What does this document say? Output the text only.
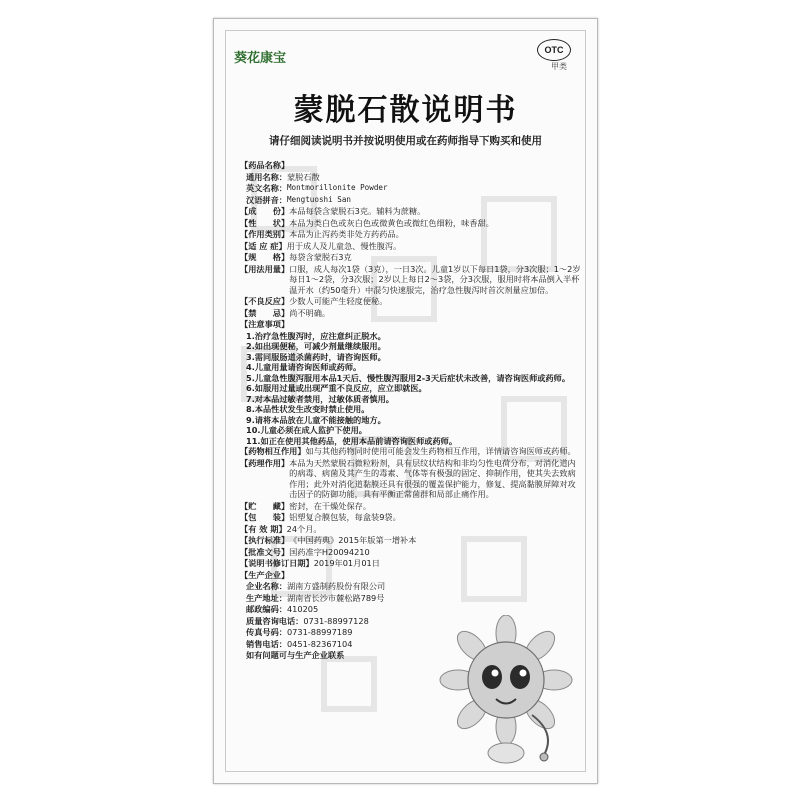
葵花康宝
OTC
甲类
蒙脱石散说明书
请仔细阅读说明书并按说明使用或在药师指导下购买和使用
【药品名称】
通用名称： 蒙脱石散
英文名称： Montmorillonite Powder
汉语拼音： Mengtuoshi San
【成　　份】 本品每袋含蒙脱石3克。辅料为蔗糖。
【性　　状】 本品为类白色或灰白色或微黄色或微红色细粉，味香甜。
【作用类别】 本品为止泻药类非处方药药品。
【适 应 症】 用于成人及儿童急、慢性腹泻。
【规　　格】 每袋含蒙脱石3克
【用法用量】 口服，成人每次1袋（3克），一日3次。儿童1岁以下每日1袋，分3次服；1～2岁每日1～2袋，分3次服；2岁以上每日2～3袋，分3次服，服用时将本品倒入半杯温开水（约50毫升）中混匀快速服完，治疗急性腹泻时首次剂量应加倍。
【不良反应】 少数人可能产生轻度便秘。
【禁　　忌】 尚不明确。
【注意事项】
1.治疗急性腹泻时，应注意纠正脱水。
2.如出现便秘，可减少剂量继续服用。
3.需同服肠道杀菌药时，请咨询医师。
4.儿童用量请咨询医师或药师。
5.儿童急性腹泻服用本品1天后、慢性腹泻服用2-3天后症状未改善，请咨询医师或药师。
6.如服用过量或出现严重不良反应，应立即就医。
7.对本品过敏者禁用，过敏体质者慎用。
8.本品性状发生改变时禁止使用。
9.请将本品放在儿童不能接触的地方。
10.儿童必须在成人监护下使用。
11.如正在使用其他药品，使用本品前请咨询医师或药师。
【药物相互作用】 如与其他药物同时使用可能会发生药物相互作用，详情请咨询医师或药师。
【药理作用】 本品为天然蒙脱石微粒粉剂，具有层纹状结构和非均匀性电荷分布，对消化道内的病毒、病菌及其产生的毒素、气体等有极强的固定、抑制作用，使其失去致病作用；此外对消化道黏膜还具有很强的覆盖保护能力，修复、提高黏膜屏障对攻击因子的防御功能，具有平衡正常菌群和局部止痛作用。
【贮　　藏】 密封，在干燥处保存。
【包　　装】 铝塑复合膜包装，每盒装9袋。
【有 效 期】 24个月。
【执行标准】 《中国药典》2015年版第一增补本
【批准文号】 国药准字H20094210
【说明书修订日期】 2019年01月01日
【生产企业】
企业名称： 湖南方盛制药股份有限公司
生产地址： 湖南省长沙市麓松路789号
邮政编码： 410205
质量咨询电话： 0731-88997128
传真号码： 0731-88997189
销售电话： 0451-82367104
如有问题可与生产企业联系
